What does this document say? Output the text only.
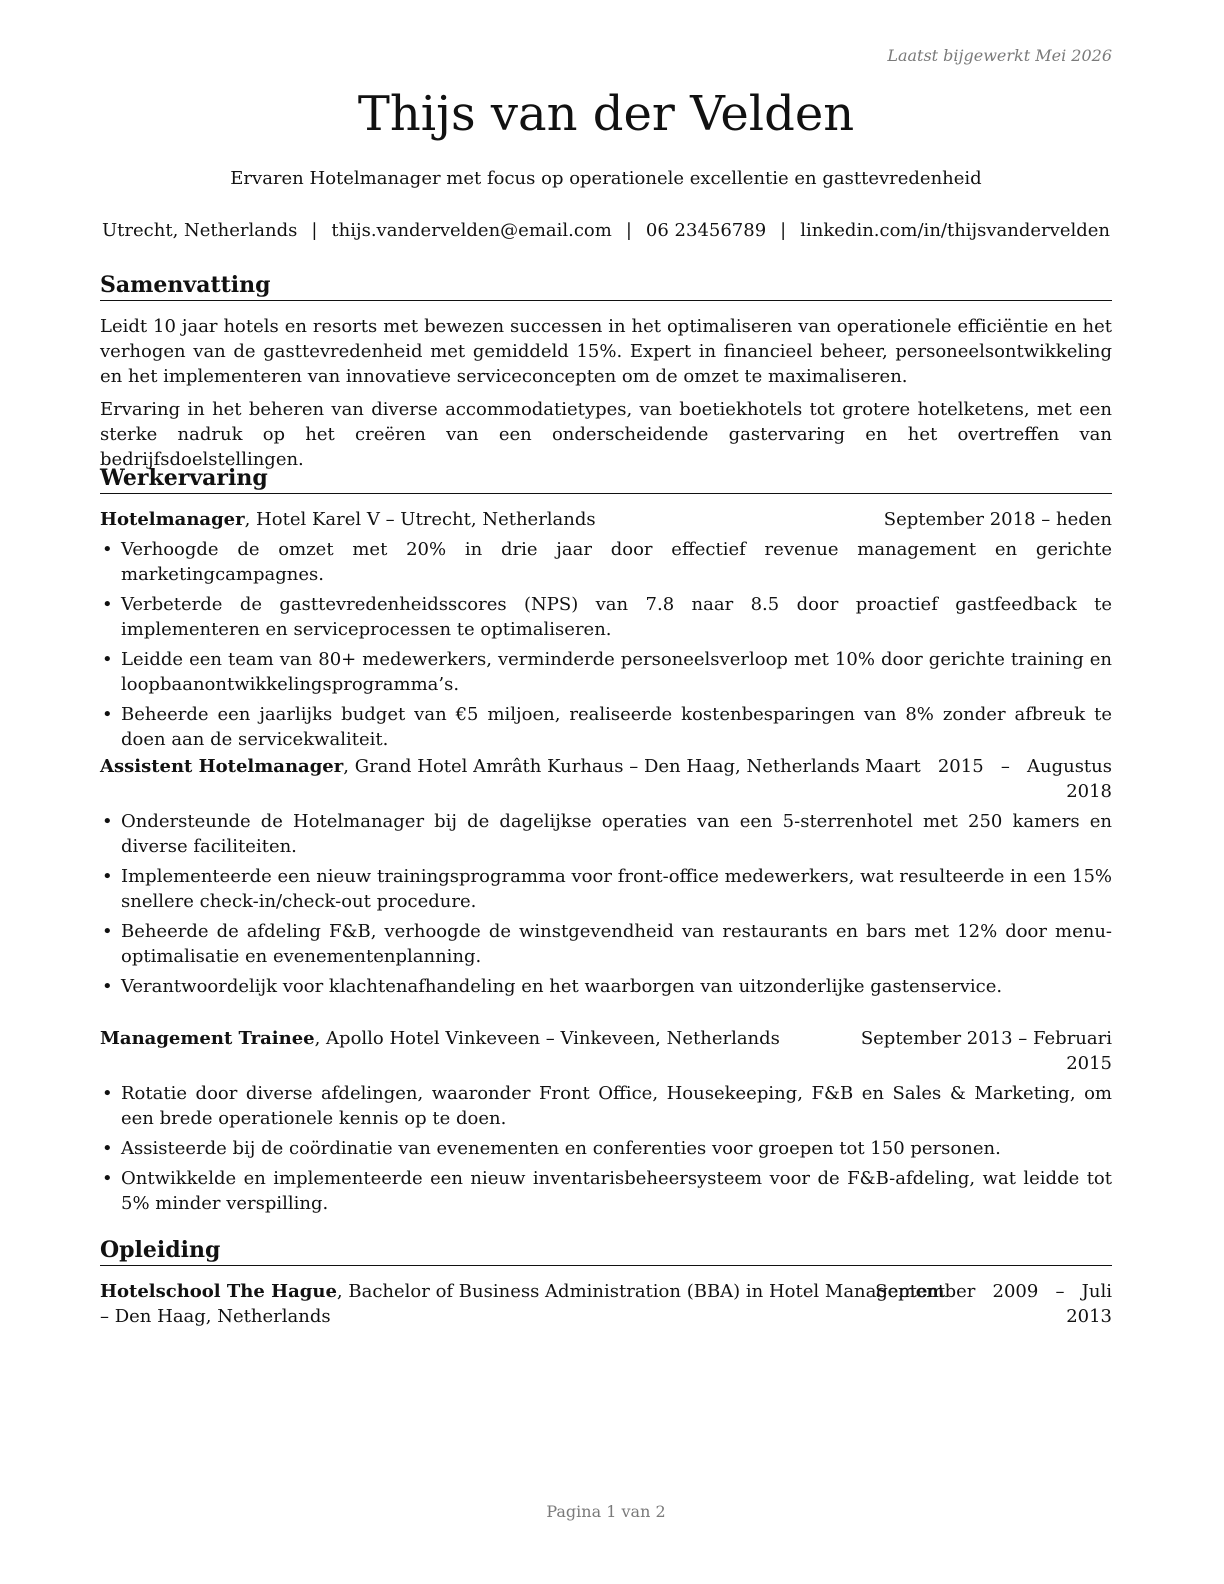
Laatst bijgewerkt Mei 2026
Thijs van der Velden
Ervaren Hotelmanager met focus op operationele excellentie en gasttevredenheid
Utrecht, Netherlands | thijs.vandervelden@email.com | 06 23456789 | linkedin.com/in/thijsvandervelden
Samenvatting

Leidt 10 jaar hotels en resorts met bewezen successen in het optimaliseren van operationele efficiëntie en het verhogen van de gasttevredenheid met gemiddeld 15%. Expert in financieel beheer, personeelsontwikkeling en het implementeren van innovatieve serviceconcepten om de omzet te maximaliseren.

Ervaring in het beheren van diverse accommodatietypes, van boetiekhotels tot grotere hotelketens, met een sterke nadruk op het creëren van een onderscheidende gastervaring en het overtreffen van bedrijfsdoelstellingen.

Werkervaring
Hotelmanager, Hotel Karel V – Utrecht, Netherlands	September 2018 – heden
• Verhoogde de omzet met 20% in drie jaar door effectief revenue management en gerichte marketingcampagnes.
• Verbeterde de gasttevredenheidsscores (NPS) van 7.8 naar 8.5 door proactief gastfeedback te implementeren en serviceprocessen te optimaliseren.
• Leidde een team van 80+ medewerkers, verminderde personeelsverloop met 10% door gerichte training en loopbaanontwikkelingsprogramma’s.
• Beheerde een jaarlijks budget van €5 miljoen, realiseerde kostenbesparingen van 8% zonder afbreuk te doen aan de servicekwaliteit.
Assistent Hotelmanager, Grand Hotel Amrâth Kurhaus – Den Haag, Netherlands Maart   2015   –   Augustus
2018
• Ondersteunde de Hotelmanager bij de dagelijkse operaties van een 5-sterrenhotel met 250 kamers en diverse faciliteiten.
• Implementeerde een nieuw trainingsprogramma voor front-office medewerkers, wat resulteerde in een 15% snellere check-in/check-out procedure.
• Beheerde de afdeling F&B, verhoogde de winstgevendheid van restaurants en bars met 12% door menu-optimalisatie en evenementenplanning.
• Verantwoordelijk voor klachtenafhandeling en het waarborgen van uitzonderlijke gastenservice.
Management Trainee, Apollo Hotel Vinkeveen – Vinkeveen, Netherlands	September 2013 – Februari
2015
• Rotatie door diverse afdelingen, waaronder Front Office, Housekeeping, F&B en Sales & Marketing, om een brede operationele kennis op te doen.
• Assisteerde bij de coördinatie van evenementen en conferenties voor groepen tot 150 personen.
• Ontwikkelde en implementeerde een nieuw inventarisbeheersysteem voor de F&B-afdeling, wat leidde tot 5% minder verspilling.
Opleiding
Hotelschool The Hague, Bachelor of Business Administration (BBA) in Hotel Management
– Den Haag, Netherlands
September   2009   –   Juli
2013
Pagina 1 van 2
